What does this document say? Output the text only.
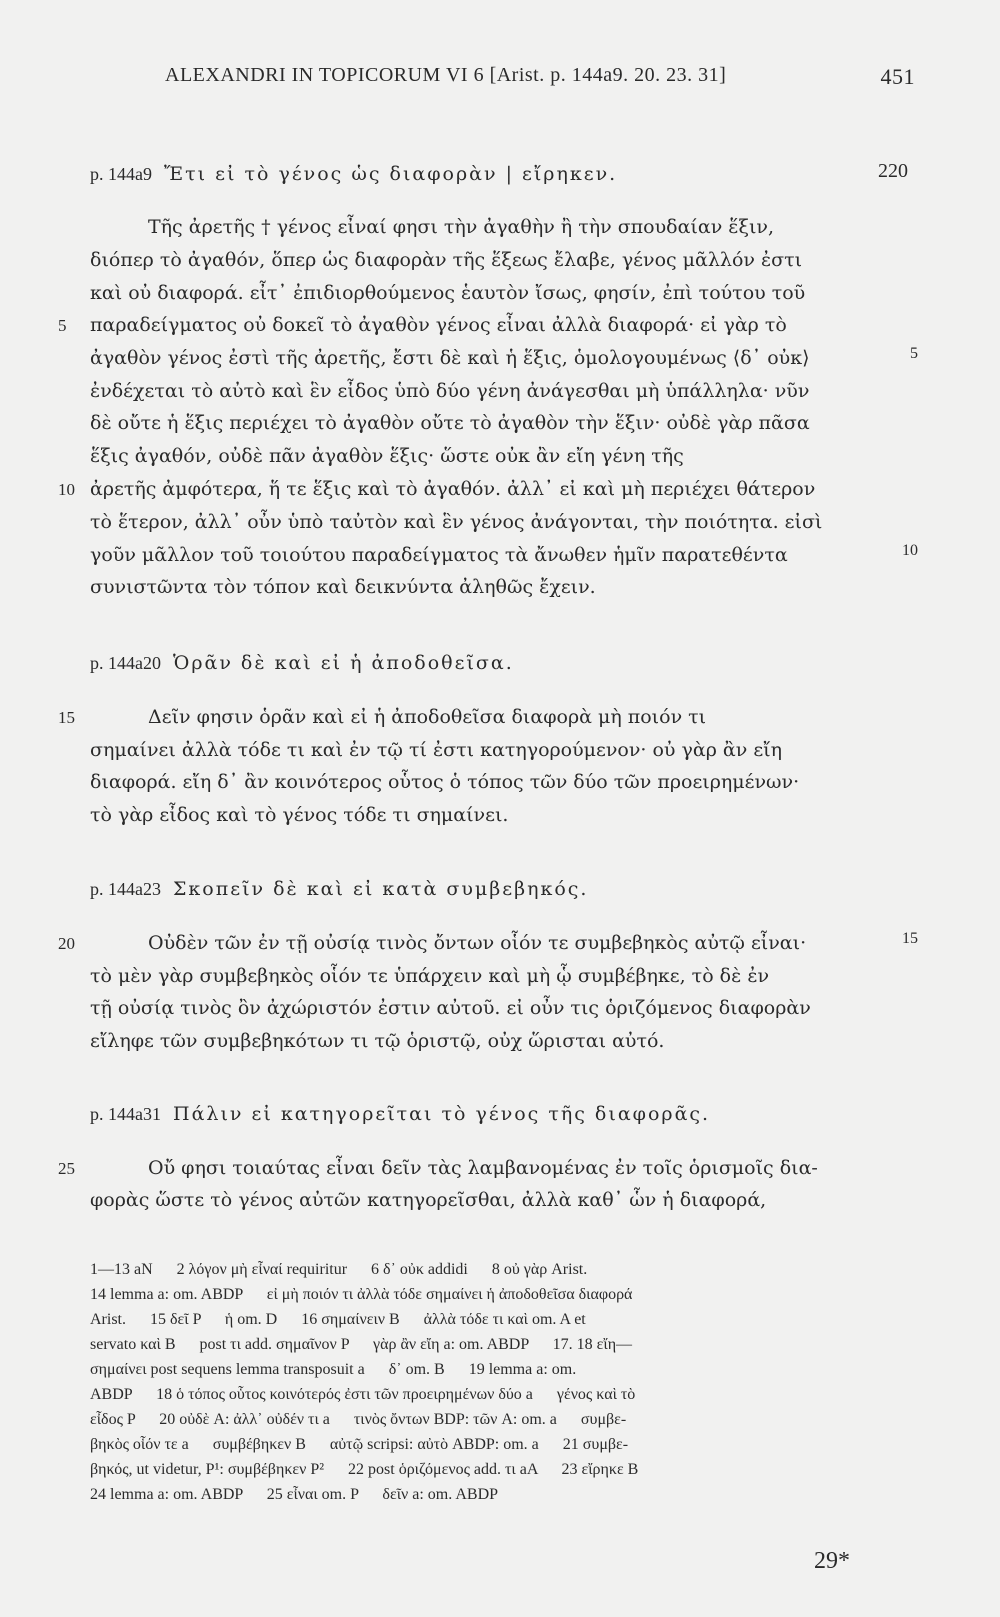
ALEXANDRI IN TOPICORUM VI 6 [Arist. p. 144a9. 20. 23. 31]	451
220
p. 144a9 Ἔτι εἰ τὸ γένος ὡς διαφορὰν | εἴρηκεν.
Τῆς ἀρετῆς † γένος εἶναί φησι τὴν ἀγαθὴν ἢ τὴν σπουδαίαν ἕξιν,
διόπερ τὸ ἀγαθόν, ὅπερ ὡς διαφορὰν τῆς ἕξεως ἔλαβε, γένος μᾶλλόν ἐστι
καὶ οὐ διαφορά. εἶτ᾽ ἐπιδιορθούμενος ἑαυτὸν ἴσως, φησίν, ἐπὶ τούτου τοῦ
παραδείγματος οὐ δοκεῖ τὸ ἀγαθὸν γένος εἶναι ἀλλὰ διαφορά· εἰ γὰρ τὸ
5
ἀγαθὸν γένος ἐστὶ τῆς ἀρετῆς, ἔστι δὲ καὶ ἡ ἕξις, ὁμολογουμένως ⟨δ᾽ οὐκ⟩	5
ἐνδέχεται τὸ αὐτὸ καὶ ἓν εἶδος ὑπὸ δύο γένη ἀνάγεσθαι μὴ ὑπάλληλα· νῦν
δὲ οὔτε ἡ ἕξις περιέχει τὸ ἀγαθὸν οὔτε τὸ ἀγαθὸν τὴν ἕξιν· οὐδὲ γὰρ πᾶσα
ἕξις ἀγαθόν, οὐδὲ πᾶν ἀγαθὸν ἕξις· ὥστε οὐκ ἂν εἴη γένη τῆς
ἀρετῆς ἀμφότερα, ἥ τε ἕξις καὶ τὸ ἀγαθόν. ἀλλ᾽ εἰ καὶ μὴ περιέχει θάτερον
10
τὸ ἕτερον, ἀλλ᾽ οὖν ὑπὸ ταὐτὸν καὶ ἓν γένος ἀνάγονται, τὴν ποιότητα. εἰσὶ
γοῦν μᾶλλον τοῦ τοιούτου παραδείγματος τὰ ἄνωθεν ἡμῖν παρατεθέντα	10
συνιστῶντα τὸν τόπον καὶ δεικνύντα ἀληθῶς ἔχειν.
p. 144a20 Ὁρᾶν δὲ καὶ εἰ ἡ ἀποδοθεῖσα.
Δεῖν φησιν ὁρᾶν καὶ εἰ ἡ ἀποδοθεῖσα διαφορὰ μὴ ποιόν τι
15
σημαίνει ἀλλὰ τόδε τι καὶ ἐν τῷ τί ἐστι κατηγορούμενον· οὐ γὰρ ἂν εἴη
διαφορά. εἴη δ᾽ ἂν κοινότερος οὗτος ὁ τόπος τῶν δύο τῶν προειρημένων·
τὸ γὰρ εἶδος καὶ τὸ γένος τόδε τι σημαίνει.
p. 144a23 Σκοπεῖν δὲ καὶ εἰ κατὰ συμβεβηκός.
Οὐδὲν τῶν ἐν τῇ οὐσίᾳ τινὸς ὄντων οἷόν τε συμβεβηκὸς αὐτῷ εἶναι·
20	15
τὸ μὲν γὰρ συμβεβηκὸς οἷόν τε ὑπάρχειν καὶ μὴ ᾧ συμβέβηκε, τὸ δὲ ἐν
τῇ οὐσίᾳ τινὸς ὂν ἀχώριστόν ἐστιν αὐτοῦ. εἰ οὖν τις ὁριζόμενος διαφορὰν
εἴληφε τῶν συμβεβηκότων τι τῷ ὁριστῷ, οὐχ ὥρισται αὐτό.
p. 144a31 Πάλιν εἰ κατηγορεῖται τὸ γένος τῆς διαφορᾶς.
Οὔ φησι τοιαύτας εἶναι δεῖν τὰς λαμβανομένας ἐν τοῖς ὁρισμοῖς δια-
25
φορὰς ὥστε τὸ γένος αὐτῶν κατηγορεῖσθαι, ἀλλὰ καθ᾽ ὧν ἡ διαφορά,
1—13 aN      2 λόγον μὴ εἶναί requiritur      6 δ᾽ οὐκ addidi      8 οὐ γὰρ Arist.
14 lemma a: om. ABDP      εἰ μὴ ποιόν τι ἀλλὰ τόδε σημαίνει ἡ ἀποδοθεῖσα διαφορά
Arist.      15 δεῖ P      ἡ om. D      16 σημαίνειν B      ἀλλὰ τόδε τι καὶ om. A et
servato καὶ B      post τι add. σημαῖνον P      γὰρ ἂν εἴη a: om. ABDP      17. 18 εἴη—
σημαίνει post sequens lemma transposuit a      δ᾽ om. B      19 lemma a: om.
ABDP      18 ὁ τόπος οὗτος κοινότερός ἐστι τῶν προειρημένων δύο a      γένος καὶ τὸ
εἶδος P      20 οὐδὲ A: ἀλλ᾽ οὐδέν τι a      τινὸς ὄντων BDP: τῶν A: om. a      συμβε-
βηκὸς οἷόν τε a      συμβέβηκεν B      αὐτῷ scripsi: αὐτὸ ABDP: om. a      21 συμβε-
βηκός, ut videtur, P¹: συμβέβηκεν P²      22 post ὁριζόμενος add. τι aA      23 εἴρηκε B
24 lemma a: om. ABDP      25 εἶναι om. P      δεῖν a: om. ABDP
29*
